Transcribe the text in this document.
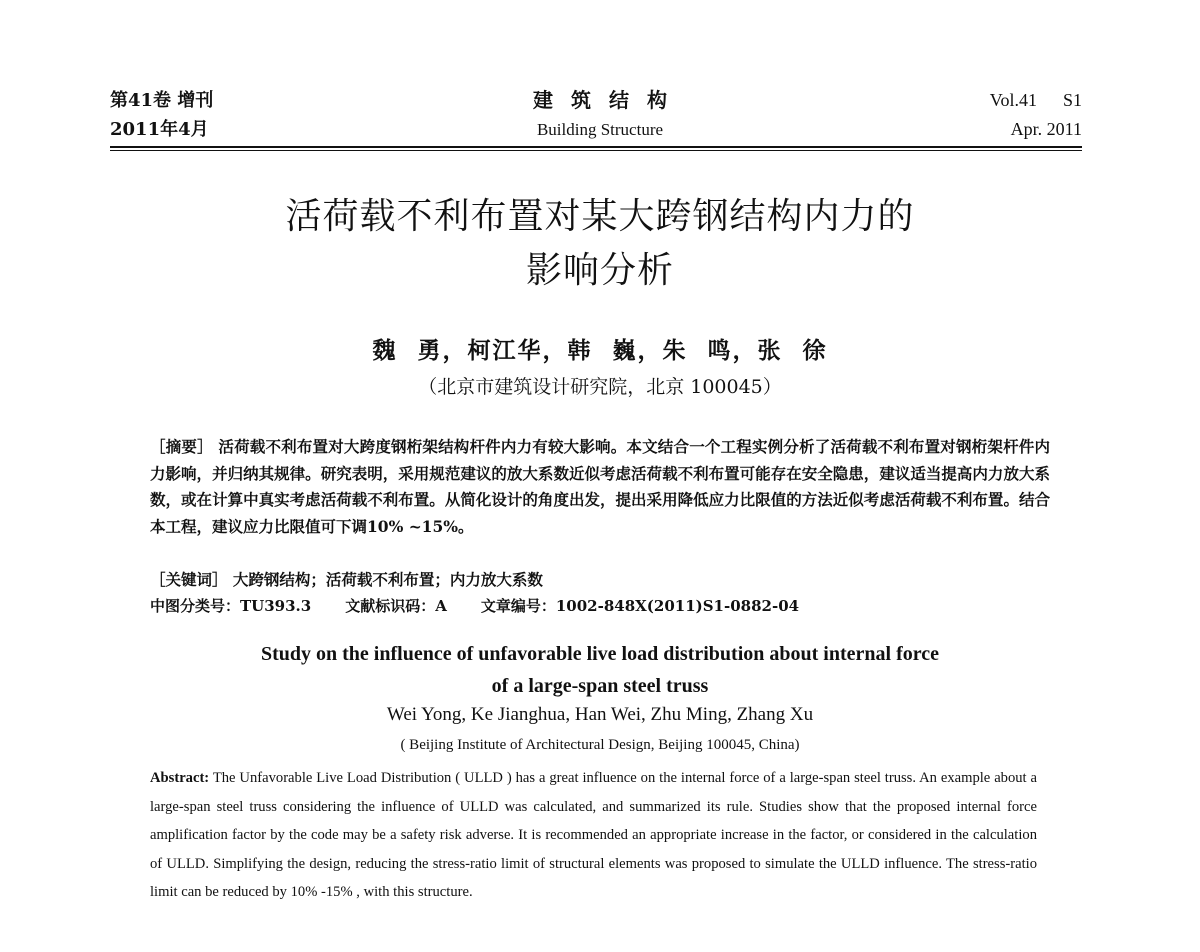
第41卷 增刊
2011年4月
建筑结构
Building Structure
Vol.41 S1
Apr. 2011
活荷载不利布置对某大跨钢结构内力的
影响分析
魏  勇，柯江华，韩  巍，朱  鸣，张  徐
（北京市建筑设计研究院，北京 100045）
［摘要］ 活荷载不利布置对大跨度钢桁架结构杆件内力有较大影响。本文结合一个工程实例分析了活荷载不利布置对钢桁架杆件内力影响，并归纳其规律。研究表明，采用规范建议的放大系数近似考虑活荷载不利布置可能存在安全隐患，建议适当提高内力放大系数，或在计算中真实考虑活荷载不利布置。从简化设计的角度出发，提出采用降低应力比限值的方法近似考虑活荷载不利布置。结合本工程，建议应力比限值可下调10% ~15%。
［关键词］ 大跨钢结构；活荷载不利布置；内力放大系数
中图分类号：TU393.3 文献标识码：A 文章编号：1002-848X(2011)S1-0882-04
Study on the influence of unfavorable live load distribution about internal force
of a large-span steel truss
Wei Yong, Ke Jianghua, Han Wei, Zhu Ming, Zhang Xu
( Beijing Institute of Architectural Design, Beijing 100045, China)
Abstract: The Unfavorable Live Load Distribution ( ULLD ) has a great influence on the internal force of a large-span steel truss. An example about a large-span steel truss considering the influence of ULLD was calculated, and summarized its rule. Studies show that the proposed internal force amplification factor by the code may be a safety risk adverse. It is recommended an appropriate increase in the factor, or considered in the calculation of ULLD. Simplifying the design, reducing the stress-ratio limit of structural elements was proposed to simulate the ULLD influence. The stress-ratio limit can be reduced by 10% -15% , with this structure.
